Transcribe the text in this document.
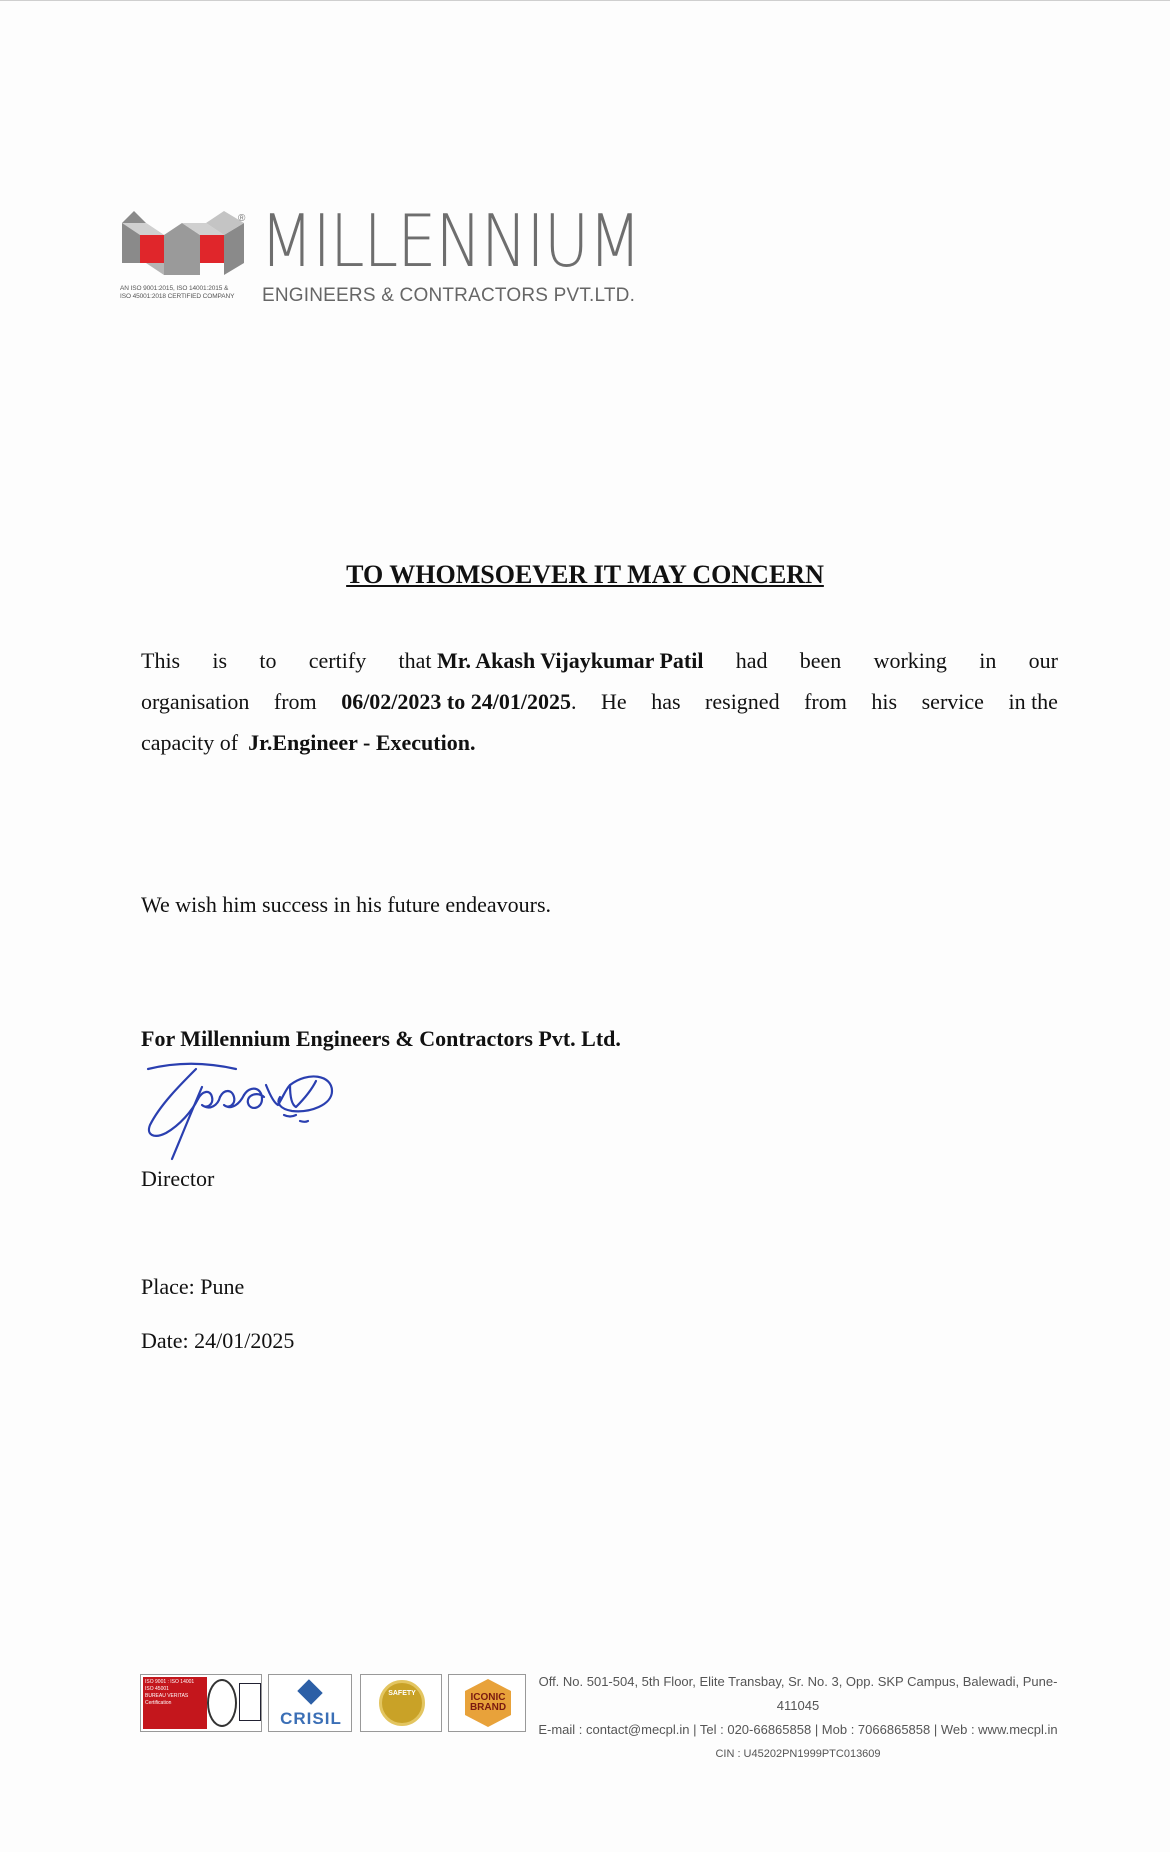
®
AN ISO 9001:2015, ISO 14001:2015 &
ISO 45001:2018 CERTIFIED COMPANY
MILLENNIUM
ENGINEERS & CONTRACTORS PVT.LTD.
TO WHOMSOEVER IT MAY CONCERN
This is to certify that Mr. Akash Vijaykumar Patil had been working in our
organisation from 06/02/2023 to 24/01/2025. He has resigned from his service in the
capacity of Jr.Engineer - Execution.
We wish him success in his future endeavours.
For Millennium Engineers & Contractors Pvt. Ltd.
Director
Place: Pune
Date: 24/01/2025
ISO 9001 : ISO 14001
ISO 45001
BUREAU VERITAS
Certification
CRISIL
SAFETY	ICONIC
BRAND
Off. No. 501-504, 5th Floor, Elite Transbay, Sr. No. 3, Opp. SKP Campus, Balewadi, Pune-411045
E-mail : contact@mecpl.in | Tel : 020-66865858 | Mob : 7066865858 | Web : www.mecpl.in
CIN : U45202PN1999PTC013609
